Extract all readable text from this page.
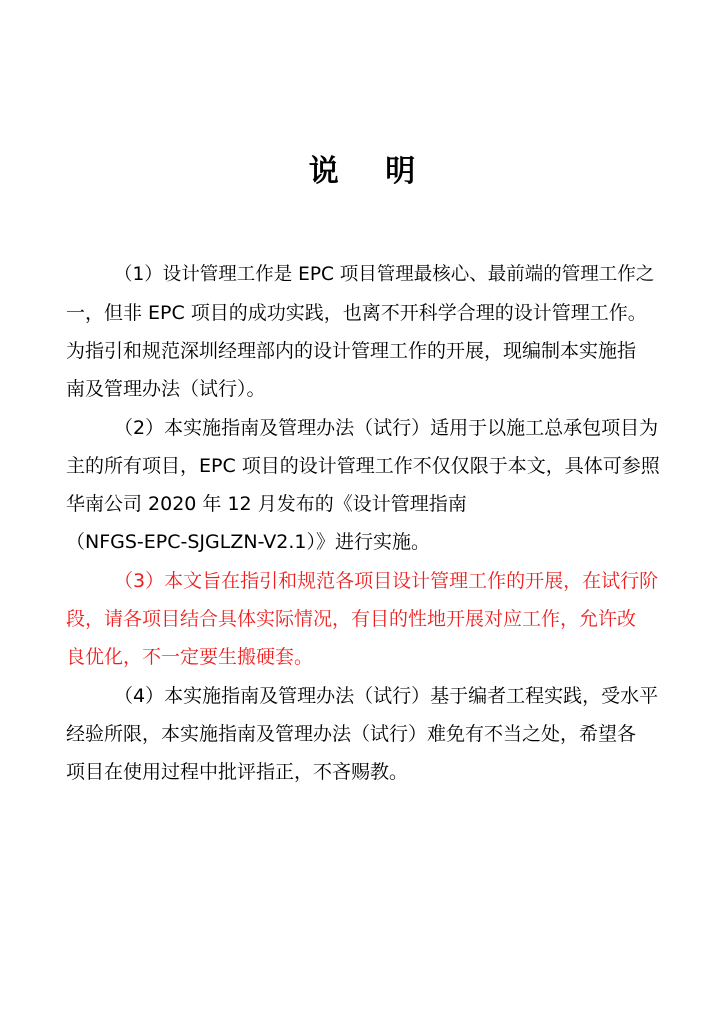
说 明
（1）设计管理工作是 EPC 项目管理最核心、最前端的管理工作之
一，但非 EPC 项目的成功实践，也离不开科学合理的设计管理工作。
为指引和规范深圳经理部内的设计管理工作的开展，现编制本实施指
南及管理办法（试行）。
（2）本实施指南及管理办法（试行）适用于以施工总承包项目为
主的所有项目，EPC 项目的设计管理工作不仅仅限于本文，具体可参照
华南公司 2020 年 12 月发布的《设计管理指南
（NFGS-EPC-SJGLZN-V2.1）》进行实施。
（3）本文旨在指引和规范各项目设计管理工作的开展，在试行阶
段，请各项目结合具体实际情况，有目的性地开展对应工作，允许改
良优化，不一定要生搬硬套。
（4）本实施指南及管理办法（试行）基于编者工程实践，受水平
经验所限，本实施指南及管理办法（试行）难免有不当之处，希望各
项目在使用过程中批评指正，不吝赐教。
